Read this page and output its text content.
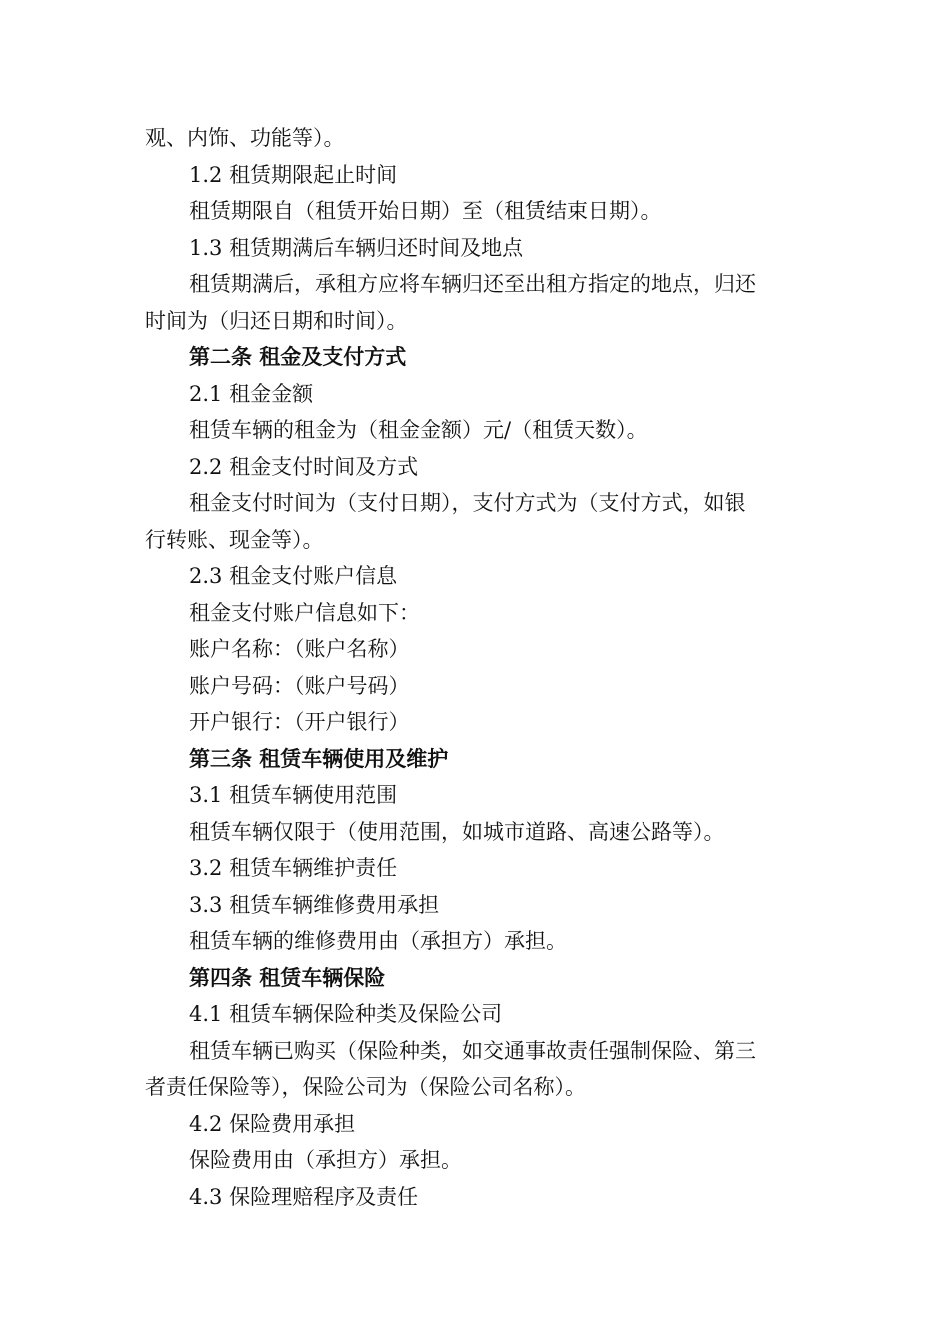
观、内饰、功能等）。
1.2 租赁期限起止时间
租赁期限自（租赁开始日期）至（租赁结束日期）。
1.3 租赁期满后车辆归还时间及地点
租赁期满后，承租方应将车辆归还至出租方指定的地点，归还
时间为（归还日期和时间）。
第二条 租金及支付方式
2.1 租金金额
租赁车辆的租金为（租金金额）元/（租赁天数）。
2.2 租金支付时间及方式
租金支付时间为（支付日期），支付方式为（支付方式，如银
行转账、现金等）。
2.3 租金支付账户信息
租金支付账户信息如下：
账户名称：（账户名称）
账户号码：（账户号码）
开户银行：（开户银行）
第三条 租赁车辆使用及维护
3.1 租赁车辆使用范围
租赁车辆仅限于（使用范围，如城市道路、高速公路等）。
3.2 租赁车辆维护责任
3.3 租赁车辆维修费用承担
租赁车辆的维修费用由（承担方）承担。
第四条 租赁车辆保险
4.1 租赁车辆保险种类及保险公司
租赁车辆已购买（保险种类，如交通事故责任强制保险、第三
者责任保险等），保险公司为（保险公司名称）。
4.2 保险费用承担
保险费用由（承担方）承担。
4.3 保险理赔程序及责任
